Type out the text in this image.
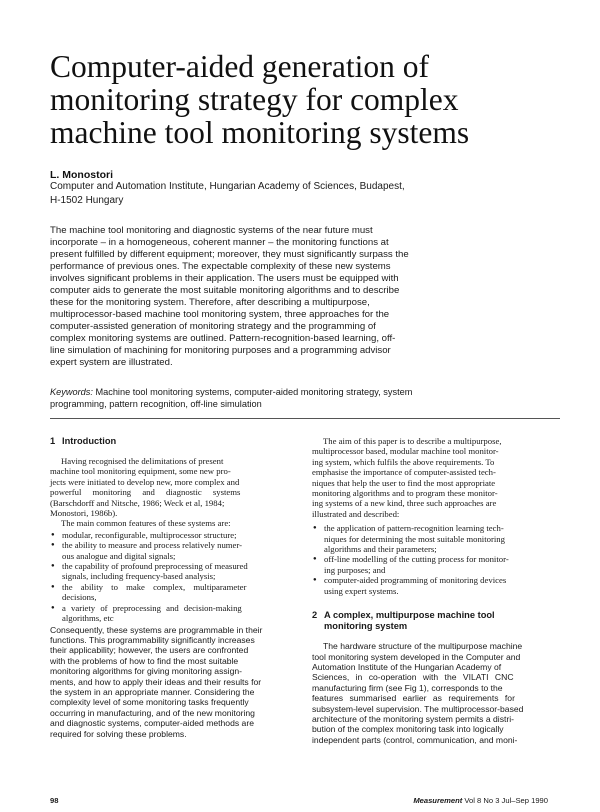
Computer-aided generation of
monitoring strategy for complex
machine tool monitoring systems
L. Monostori
Computer and Automation Institute, Hungarian Academy of Sciences, Budapest,
H-1502 Hungary
The machine tool monitoring and diagnostic systems of the near future must
incorporate – in a homogeneous, coherent manner – the monitoring functions at
present fulfilled by different equipment; moreover, they must significantly surpass the
performance of previous ones. The expectable complexity of these new systems
involves significant problems in their application. The users must be equipped with
computer aids to generate the most suitable monitoring algorithms and to describe
these for the monitoring system. Therefore, after describing a multipurpose,
multiprocessor-based machine tool monitoring system, three approaches for the
computer-assisted generation of monitoring strategy and the programming of
complex monitoring systems are outlined. Pattern-recognition-based learning, off-
line simulation of machining for monitoring purposes and a programming advisor
expert system are illustrated.
Keywords: Machine tool monitoring systems, computer-aided monitoring strategy, system
programming, pattern recognition, off-line simulation
1 Introduction
Having recognised the delimitations of present
machine tool monitoring equipment, some new pro-
jects were initiated to develop new, more complex and
powerful monitoring and diagnostic systems
(Barschdorff and Nitsche, 1986; Weck et al, 1984;
Monostori, 1986b).
The main common features of these systems are:
● modular, reconfigurable, multiprocessor structure;
● the ability to measure and process relatively numer-
ous analogue and digital signals;
● the capability of profound preprocessing of measured
signals, including frequency-based analysis;
● the ability to make complex, multiparameter
decisions,
● a variety of preprocessing and decision-making
algorithms, etc
Consequently, these systems are programmable in their
functions. This programmability significantly increases
their applicability; however, the users are confronted
with the problems of how to find the most suitable
monitoring algorithms for giving monitoring assign-
ments, and how to apply their ideas and their results for
the system in an appropriate manner. Considering the
complexity level of some monitoring tasks frequently
occurring in manufacturing, and of the new monitoring
and diagnostic systems, computer-aided methods are
required for solving these problems.
The aim of this paper is to describe a multipurpose,
multiprocessor based, modular machine tool monitor-
ing system, which fulfils the above requirements. To
emphasise the importance of computer-assisted tech-
niques that help the user to find the most appropriate
monitoring algorithms and to program these monitor-
ing systems of a new kind, three such approaches are
illustrated and described:
● the application of pattern-recognition learning tech-
niques for determining the most suitable monitoring
algorithms and their parameters;
● off-line modelling of the cutting process for monitor-
ing purposes; and
● computer-aided programming of monitoring devices
using expert systems.
2 A complex, multipurpose machine tool
monitoring system
The hardware structure of the multipurpose machine
tool monitoring system developed in the Computer and
Automation Institute of the Hungarian Academy of
Sciences, in co-operation with the VILATI CNC
manufacturing firm (see Fig 1), corresponds to the
features summarised earlier as requirements for
subsystem-level supervision. The multiprocessor-based
architecture of the monitoring system permits a distri-
bution of the complex monitoring task into logically
independent parts (control, communication, and moni-
98	Measurement Vol 8 No 3 Jul–Sep 1990
